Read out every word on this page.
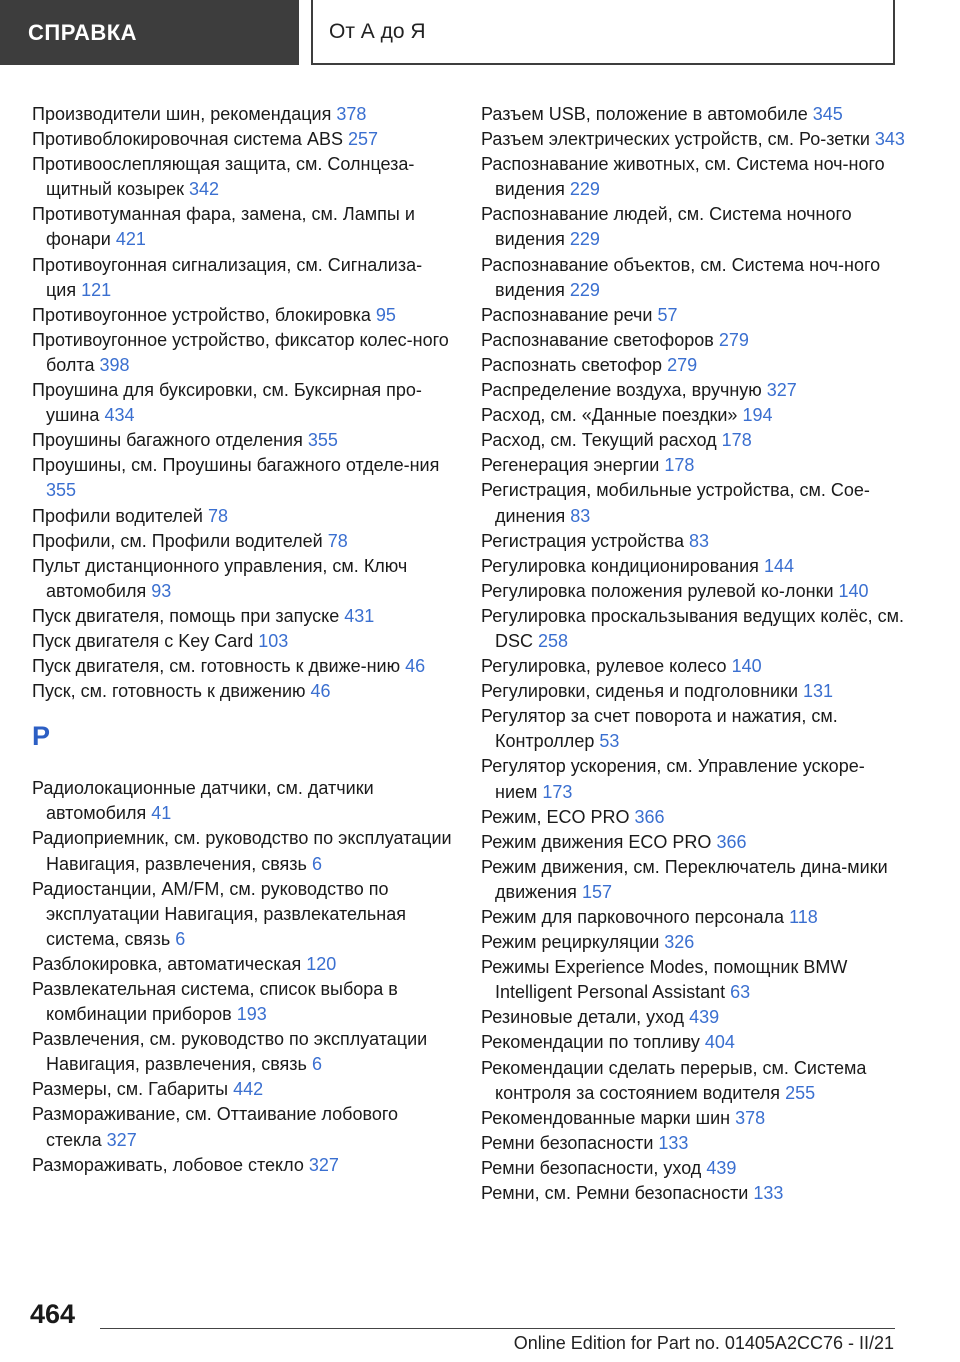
СПРАВКА	От А до Я
Производители шин, рекомендация 378
Противоблокировочная система ABS 257
Противоослепляющая защита, см. Солнцеза-щитный козырек 342
Противотуманная фара, замена, см. Лампы и фонари 421
Противоугонная сигнализация, см. Сигнализа-ция 121
Противоугонное устройство, блокировка 95
Противоугонное устройство, фиксатор колес-ного болта 398
Проушина для буксировки, см. Буксирная про-ушина 434
Проушины багажного отделения 355
Проушины, см. Проушины багажного отделе-ния 355
Профили водителей 78
Профили, см. Профили водителей 78
Пульт дистанционного управления, см. Ключ автомобиля 93
Пуск двигателя, помощь при запуске 431
Пуск двигателя с Key Card 103
Пуск двигателя, см. готовность к движе-нию 46
Пуск, см. готовность к движению 46
Р
Радиолокационные датчики, см. датчики автомобиля 41
Радиоприемник, см. руководство по эксплуатации Навигация, развлечения, связь 6
Радиостанции, AM/FM, см. руководство по эксплуатации Навигация, развлекательная система, связь 6
Разблокировка, автоматическая 120
Развлекательная система, список выбора в комбинации приборов 193
Развлечения, см. руководство по эксплуатации Навигация, развлечения, связь 6
Размеры, см. Габариты 442
Размораживание, см. Оттаивание лобового стекла 327
Размораживать, лобовое стекло 327
Разъем USB, положение в автомобиле 345
Разъем электрических устройств, см. Ро-зетки 343
Распознавание животных, см. Система ноч-ного видения 229
Распознавание людей, см. Система ночного видения 229
Распознавание объектов, см. Система ноч-ного видения 229
Распознавание речи 57
Распознавание светофоров 279
Распознать светофор 279
Распределение воздуха, вручную 327
Расход, см. «Данные поездки» 194
Расход, см. Текущий расход 178
Регенерация энергии 178
Регистрация, мобильные устройства, см. Сое-динения 83
Регистрация устройства 83
Регулировка кондиционирования 144
Регулировка положения рулевой ко-лонки 140
Регулировка проскальзывания ведущих колёс, см. DSC 258
Регулировка, рулевое колесо 140
Регулировки, сиденья и подголовники 131
Регулятор за счет поворота и нажатия, см. Контроллер 53
Регулятор ускорения, см. Управление ускоре-нием 173
Режим, ECO PRO 366
Режим движения ECO PRO 366
Режим движения, см. Переключатель дина-мики движения 157
Режим для парковочного персонала 118
Режим рециркуляции 326
Режимы Experience Modes, помощник BMW Intelligent Personal Assistant 63
Резиновые детали, уход 439
Рекомендации по топливу 404
Рекомендации сделать перерыв, см. Система контроля за состоянием водителя 255
Рекомендованные марки шин 378
Ремни безопасности 133
Ремни безопасности, уход 439
Ремни, см. Ремни безопасности 133
464
Online Edition for Part no. 01405A2CC76 - II/21
